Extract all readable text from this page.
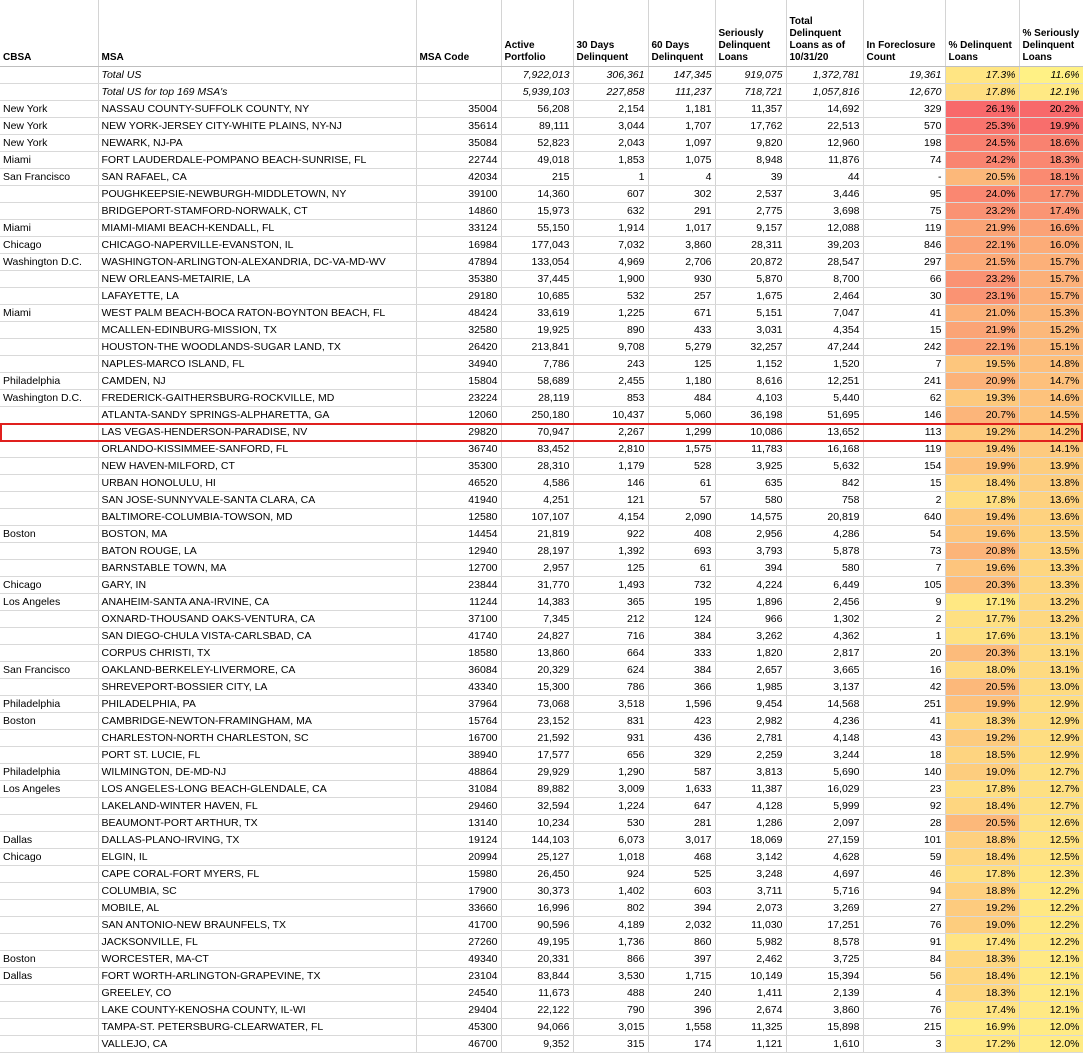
CBSA	MSA	MSA Code	Active Portfolio	30 Days Delinquent	60 Days Delinquent	Seriously Delinquent Loans	Total Delinquent Loans as of 10/31/20	In Foreclosure Count	% Delinquent Loans	% Seriously Delinquent Loans
	Total US		7,922,013	306,361	147,345	919,075	1,372,781	19,361	17.3%	11.6%
	Total US for top 169 MSA's		5,939,103	227,858	111,237	718,721	1,057,816	12,670	17.8%	12.1%
New York	NASSAU COUNTY-SUFFOLK COUNTY, NY	35004	56,208	2,154	1,181	11,357	14,692	329	26.1%	20.2%
New York	NEW YORK-JERSEY CITY-WHITE PLAINS, NY-NJ	35614	89,111	3,044	1,707	17,762	22,513	570	25.3%	19.9%
New York	NEWARK, NJ-PA	35084	52,823	2,043	1,097	9,820	12,960	198	24.5%	18.6%
Miami	FORT LAUDERDALE-POMPANO BEACH-SUNRISE, FL	22744	49,018	1,853	1,075	8,948	11,876	74	24.2%	18.3%
San Francisco	SAN RAFAEL, CA	42034	215	1	4	39	44	-	20.5%	18.1%
	POUGHKEEPSIE-NEWBURGH-MIDDLETOWN, NY	39100	14,360	607	302	2,537	3,446	95	24.0%	17.7%
	BRIDGEPORT-STAMFORD-NORWALK, CT	14860	15,973	632	291	2,775	3,698	75	23.2%	17.4%
Miami	MIAMI-MIAMI BEACH-KENDALL, FL	33124	55,150	1,914	1,017	9,157	12,088	119	21.9%	16.6%
Chicago	CHICAGO-NAPERVILLE-EVANSTON, IL	16984	177,043	7,032	3,860	28,311	39,203	846	22.1%	16.0%
Washington D.C.	WASHINGTON-ARLINGTON-ALEXANDRIA, DC-VA-MD-WV	47894	133,054	4,969	2,706	20,872	28,547	297	21.5%	15.7%
	NEW ORLEANS-METAIRIE, LA	35380	37,445	1,900	930	5,870	8,700	66	23.2%	15.7%
	LAFAYETTE, LA	29180	10,685	532	257	1,675	2,464	30	23.1%	15.7%
Miami	WEST PALM BEACH-BOCA RATON-BOYNTON BEACH, FL	48424	33,619	1,225	671	5,151	7,047	41	21.0%	15.3%
	MCALLEN-EDINBURG-MISSION, TX	32580	19,925	890	433	3,031	4,354	15	21.9%	15.2%
	HOUSTON-THE WOODLANDS-SUGAR LAND, TX	26420	213,841	9,708	5,279	32,257	47,244	242	22.1%	15.1%
	NAPLES-MARCO ISLAND, FL	34940	7,786	243	125	1,152	1,520	7	19.5%	14.8%
Philadelphia	CAMDEN, NJ	15804	58,689	2,455	1,180	8,616	12,251	241	20.9%	14.7%
Washington D.C.	FREDERICK-GAITHERSBURG-ROCKVILLE, MD	23224	28,119	853	484	4,103	5,440	62	19.3%	14.6%
	ATLANTA-SANDY SPRINGS-ALPHARETTA, GA	12060	250,180	10,437	5,060	36,198	51,695	146	20.7%	14.5%
	LAS VEGAS-HENDERSON-PARADISE, NV	29820	70,947	2,267	1,299	10,086	13,652	113	19.2%	14.2%
	ORLANDO-KISSIMMEE-SANFORD, FL	36740	83,452	2,810	1,575	11,783	16,168	119	19.4%	14.1%
	NEW HAVEN-MILFORD, CT	35300	28,310	1,179	528	3,925	5,632	154	19.9%	13.9%
	URBAN HONOLULU, HI	46520	4,586	146	61	635	842	15	18.4%	13.8%
	SAN JOSE-SUNNYVALE-SANTA CLARA, CA	41940	4,251	121	57	580	758	2	17.8%	13.6%
	BALTIMORE-COLUMBIA-TOWSON, MD	12580	107,107	4,154	2,090	14,575	20,819	640	19.4%	13.6%
Boston	BOSTON, MA	14454	21,819	922	408	2,956	4,286	54	19.6%	13.5%
	BATON ROUGE, LA	12940	28,197	1,392	693	3,793	5,878	73	20.8%	13.5%
	BARNSTABLE TOWN, MA	12700	2,957	125	61	394	580	7	19.6%	13.3%
Chicago	GARY, IN	23844	31,770	1,493	732	4,224	6,449	105	20.3%	13.3%
Los Angeles	ANAHEIM-SANTA ANA-IRVINE, CA	11244	14,383	365	195	1,896	2,456	9	17.1%	13.2%
	OXNARD-THOUSAND OAKS-VENTURA, CA	37100	7,345	212	124	966	1,302	2	17.7%	13.2%
	SAN DIEGO-CHULA VISTA-CARLSBAD, CA	41740	24,827	716	384	3,262	4,362	1	17.6%	13.1%
	CORPUS CHRISTI, TX	18580	13,860	664	333	1,820	2,817	20	20.3%	13.1%
San Francisco	OAKLAND-BERKELEY-LIVERMORE, CA	36084	20,329	624	384	2,657	3,665	16	18.0%	13.1%
	SHREVEPORT-BOSSIER CITY, LA	43340	15,300	786	366	1,985	3,137	42	20.5%	13.0%
Philadelphia	PHILADELPHIA, PA	37964	73,068	3,518	1,596	9,454	14,568	251	19.9%	12.9%
Boston	CAMBRIDGE-NEWTON-FRAMINGHAM, MA	15764	23,152	831	423	2,982	4,236	41	18.3%	12.9%
	CHARLESTON-NORTH CHARLESTON, SC	16700	21,592	931	436	2,781	4,148	43	19.2%	12.9%
	PORT ST. LUCIE, FL	38940	17,577	656	329	2,259	3,244	18	18.5%	12.9%
Philadelphia	WILMINGTON, DE-MD-NJ	48864	29,929	1,290	587	3,813	5,690	140	19.0%	12.7%
Los Angeles	LOS ANGELES-LONG BEACH-GLENDALE, CA	31084	89,882	3,009	1,633	11,387	16,029	23	17.8%	12.7%
	LAKELAND-WINTER HAVEN, FL	29460	32,594	1,224	647	4,128	5,999	92	18.4%	12.7%
	BEAUMONT-PORT ARTHUR, TX	13140	10,234	530	281	1,286	2,097	28	20.5%	12.6%
Dallas	DALLAS-PLANO-IRVING, TX	19124	144,103	6,073	3,017	18,069	27,159	101	18.8%	12.5%
Chicago	ELGIN, IL	20994	25,127	1,018	468	3,142	4,628	59	18.4%	12.5%
	CAPE CORAL-FORT MYERS, FL	15980	26,450	924	525	3,248	4,697	46	17.8%	12.3%
	COLUMBIA, SC	17900	30,373	1,402	603	3,711	5,716	94	18.8%	12.2%
	MOBILE, AL	33660	16,996	802	394	2,073	3,269	27	19.2%	12.2%
	SAN ANTONIO-NEW BRAUNFELS, TX	41700	90,596	4,189	2,032	11,030	17,251	76	19.0%	12.2%
	JACKSONVILLE, FL	27260	49,195	1,736	860	5,982	8,578	91	17.4%	12.2%
Boston	WORCESTER, MA-CT	49340	20,331	866	397	2,462	3,725	84	18.3%	12.1%
Dallas	FORT WORTH-ARLINGTON-GRAPEVINE, TX	23104	83,844	3,530	1,715	10,149	15,394	56	18.4%	12.1%
	GREELEY, CO	24540	11,673	488	240	1,411	2,139	4	18.3%	12.1%
	LAKE COUNTY-KENOSHA COUNTY, IL-WI	29404	22,122	790	396	2,674	3,860	76	17.4%	12.1%
	TAMPA-ST. PETERSBURG-CLEARWATER, FL	45300	94,066	3,015	1,558	11,325	15,898	215	16.9%	12.0%
	VALLEJO, CA	46700	9,352	315	174	1,121	1,610	3	17.2%	12.0%
